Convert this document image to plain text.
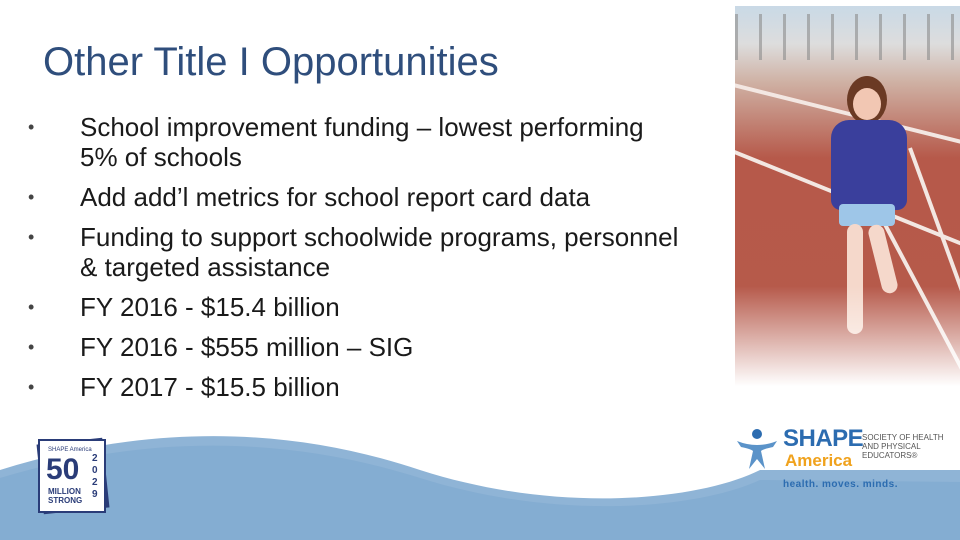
Other Title I Opportunities
• School improvement funding – lowest performing 5% of schools
• Add add’l metrics for school report card data
• Funding to support schoolwide programs, personnel & targeted assistance
• FY 2016 - $15.4 billion
• FY 2016 - $555 million – SIG
• FY 2017 - $15.5 billion
SHAPE America
50
MILLION
STRONG
2029
SHAPE
America
SOCIETY OF HEALTH AND PHYSICAL EDUCATORS®
health. moves. minds.
